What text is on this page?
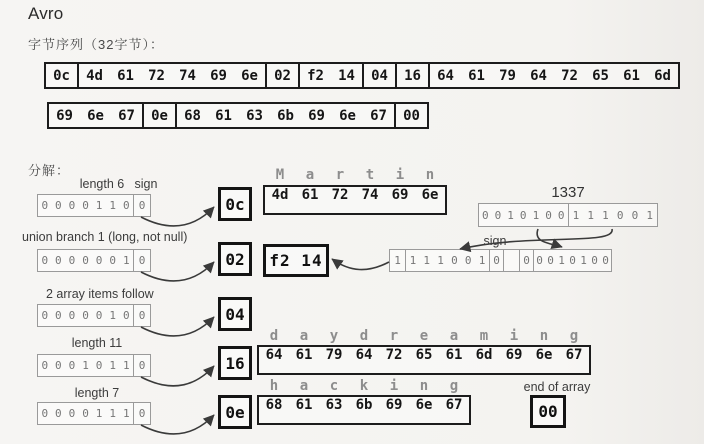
Avro
字节序列（32字节）：
0c	4d	61	72	74	69	6e	02	f2	14	04	16	64	61	79	64	72	65	61	6d
69	6e	67	0e	68	61	63	6b	69	6e	67	00
分解：
length 6 sign
0 0 0 0 1 1 0 0	0c
M	a	r	t	i	n
4d 61 72 74 69 6e	1337
0 0 1 0 1 0 0 1 1 1 0 0 1
sign
1 1 1 1 0 0 1 0 0 0 0 1 0 1 0 0
union branch 1 (long, not null)
0 0 0 0 0 0 1 0	02	f2 14
2 array items follow
0 0 0 0 0 1 0 0	04
length 11
0 0 0 1 0 1 1 0	16
d	a	y	d	r	e	a	m	i	n	g
64 61 79 64 72 65 61 6d 69 6e 67
length 7
0 0 0 0 1 1 1 0	0e
h	a	c	k	i	n	g
68 61 63 6b 69 6e 67
end of array
00
